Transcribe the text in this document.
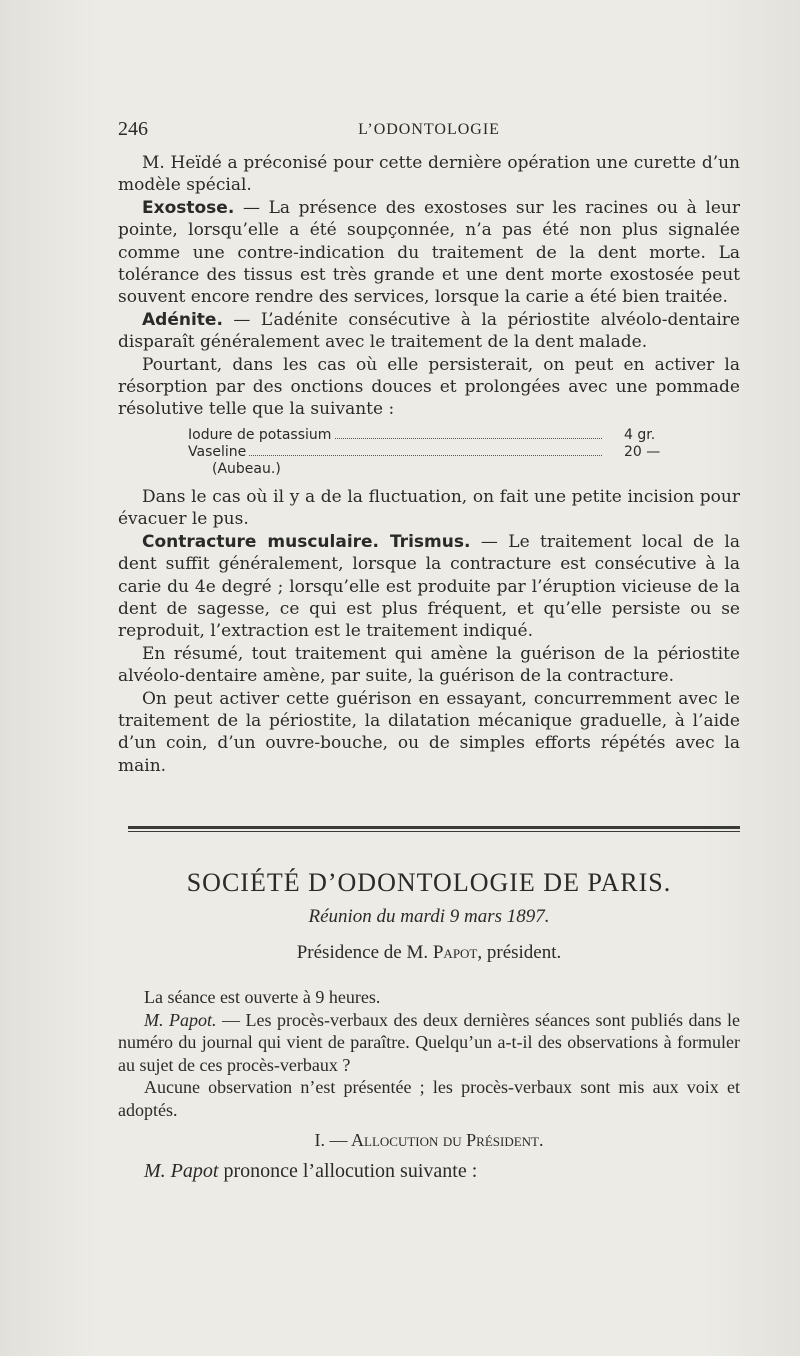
246	L’ODONTOLOGIE

M. Heïdé a préconisé pour cette dernière opération une curette d’un modèle spécial.

Exostose. — La présence des exostoses sur les racines ou à leur pointe, lorsqu’elle a été soupçonnée, n’a pas été non plus signalée comme une contre-indication du traitement de la dent morte. La tolérance des tissus est très grande et une dent morte exostosée peut souvent encore rendre des services, lorsque la carie a été bien traitée.

Adénite. — L’adénite consécutive à la périostite alvéolo-dentaire disparaît généralement avec le traitement de la dent malade.

Pourtant, dans les cas où elle persisterait, on peut en activer la résorption par des onctions douces et prolongées avec une pommade résolutive telle que la suivante :

Iodure de potassium	4 gr.
Vaseline	20 —
(Aubeau.)

Dans le cas où il y a de la fluctuation, on fait une petite incision pour évacuer le pus.

Contracture musculaire. Trismus. — Le traitement local de la dent suffit généralement, lorsque la contracture est consécutive à la carie du 4e degré ; lorsqu’elle est produite par l’éruption vicieuse de la dent de sagesse, ce qui est plus fréquent, et qu’elle persiste ou se reproduit, l’extraction est le traitement indiqué.

En résumé, tout traitement qui amène la guérison de la périostite alvéolo-dentaire amène, par suite, la guérison de la contracture.

On peut activer cette guérison en essayant, concurremment avec le traitement de la périostite, la dilatation mécanique graduelle, à l’aide d’un coin, d’un ouvre-bouche, ou de simples efforts répétés avec la main.

SOCIÉTÉ D’ODONTOLOGIE DE PARIS.
Réunion du mardi 9 mars 1897.
Présidence de M. Papot, président.

La séance est ouverte à 9 heures.

M. Papot. — Les procès-verbaux des deux dernières séances sont publiés dans le numéro du journal qui vient de paraître. Quelqu’un a-t-il des observations à formuler au sujet de ces procès-verbaux ?

Aucune observation n’est présentée ; les procès-verbaux sont mis aux voix et adoptés.

I. — Allocution du Président.
M. Papot prononce l’allocution suivante :
